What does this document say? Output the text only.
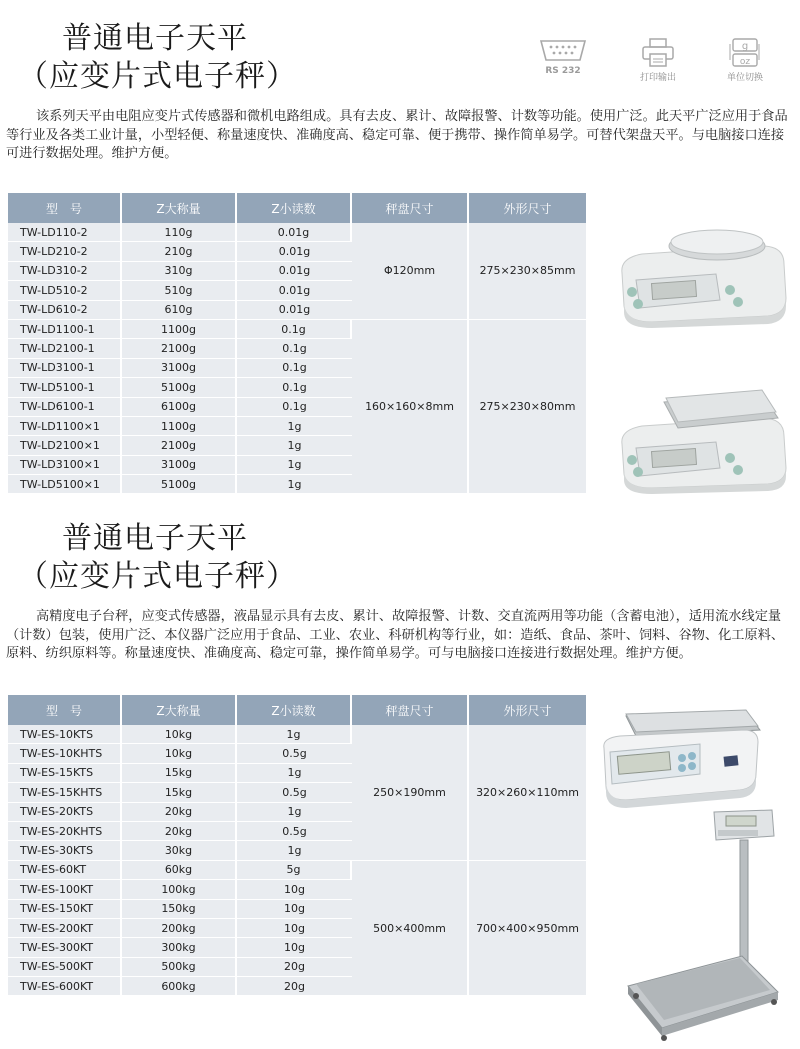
普通电子天平
（应变片式电子秤）	RS 232
打印输出
g
oz
单位切换

该系列天平由电阻应变片式传感器和微机电路组成。具有去皮、累计、故障报警、计数等功能。使用广泛。此天平广泛应用于食品等行业及各类工业计量，小型轻便、称量速度快、准确度高、稳定可靠、便于携带、操作简单易学。可替代架盘天平。与电脑接口连接可进行数据处理。维护方便。

型　号	Z大称量	Z小读数	秤盘尺寸	外形尺寸
TW-LD110-2	110g	0.01g	Φ120mm	275×230×85mm
TW-LD210-2	210g	0.01g		
TW-LD310-2	310g	0.01g		
TW-LD510-2	510g	0.01g		
TW-LD610-2	610g	0.01g		
TW-LD1100-1	1100g	0.1g	160×160×8mm	275×230×80mm
TW-LD2100-1	2100g	0.1g		
TW-LD3100-1	3100g	0.1g		
TW-LD5100-1	5100g	0.1g		
TW-LD6100-1	6100g	0.1g		
TW-LD1100×1	1100g	1g		
TW-LD2100×1	2100g	1g		
TW-LD3100×1	3100g	1g		
TW-LD5100×1	5100g	1g		
普通电子天平
（应变片式电子秤）

高精度电子台秤，应变式传感器，液晶显示具有去皮、累计、故障报警、计数、交直流两用等功能（含蓄电池），适用流水线定量（计数）包装，使用广泛、本仪器广泛应用于食品、工业、农业、科研机构等行业，如：造纸、食品、茶叶、饲料、谷物、化工原料、原料、纺织原料等。称量速度快、准确度高、稳定可靠，操作简单易学。可与电脑接口连接进行数据处理。维护方便。

型　号	Z大称量	Z小读数	秤盘尺寸	外形尺寸
TW-ES-10KTS	10kg	1g	250×190mm	320×260×110mm
TW-ES-10KHTS	10kg	0.5g		
TW-ES-15KTS	15kg	1g		
TW-ES-15KHTS	15kg	0.5g		
TW-ES-20KTS	20kg	1g		
TW-ES-20KHTS	20kg	0.5g		
TW-ES-30KTS	30kg	1g		
TW-ES-60KT	60kg	5g	500×400mm	700×400×950mm
TW-ES-100KT	100kg	10g		
TW-ES-150KT	150kg	10g		
TW-ES-200KT	200kg	10g		
TW-ES-300KT	300kg	10g		
TW-ES-500KT	500kg	20g		
TW-ES-600KT	600kg	20g		
